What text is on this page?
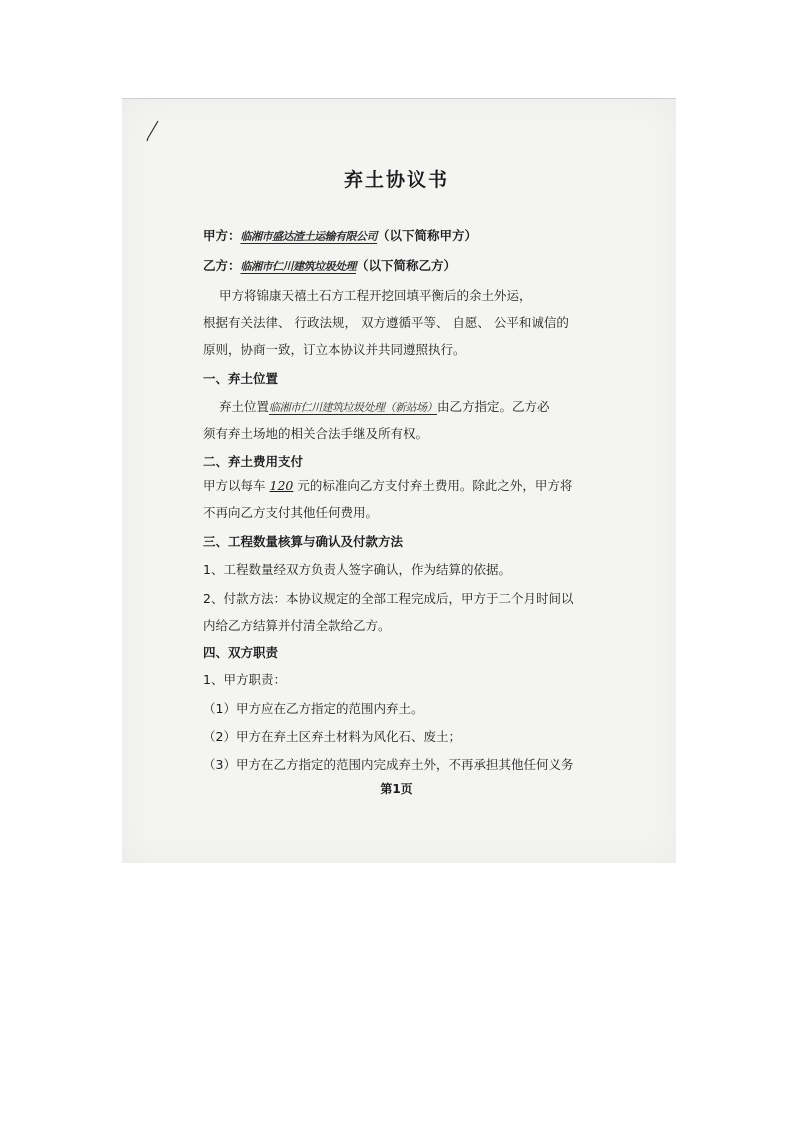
弃土协议书
甲方：临湘市盛达渣土运输有限公司（以下简称甲方）
乙方：临湘市仁川建筑垃圾处理（以下简称乙方）
甲方将锦康天禧土石方工程开挖回填平衡后的余土外运，
根据有关法律、 行政法规， 双方遵循平等、 自愿、 公平和诚信的
原则，协商一致，订立本协议并共同遵照执行。
一、弃土位置
弃土位置临湘市仁川建筑垃圾处理（新站场）由乙方指定。乙方必
须有弃土场地的相关合法手继及所有权。
二、弃土费用支付
甲方以每车 120 元的标准向乙方支付弃土费用。除此之外，甲方将
不再向乙方支付其他任何费用。
三、工程数量核算与确认及付款方法
1、工程数量经双方负责人签字确认，作为结算的依据。
2、付款方法：本协议规定的全部工程完成后，甲方于二个月时间以
内给乙方结算并付清全款给乙方。
四、双方职责
1、甲方职责：
（1）甲方应在乙方指定的范围内弃土。
（2）甲方在弃土区弃土材料为风化石、废土；
（3）甲方在乙方指定的范围内完成弃土外，不再承担其他任何义务
第1页
